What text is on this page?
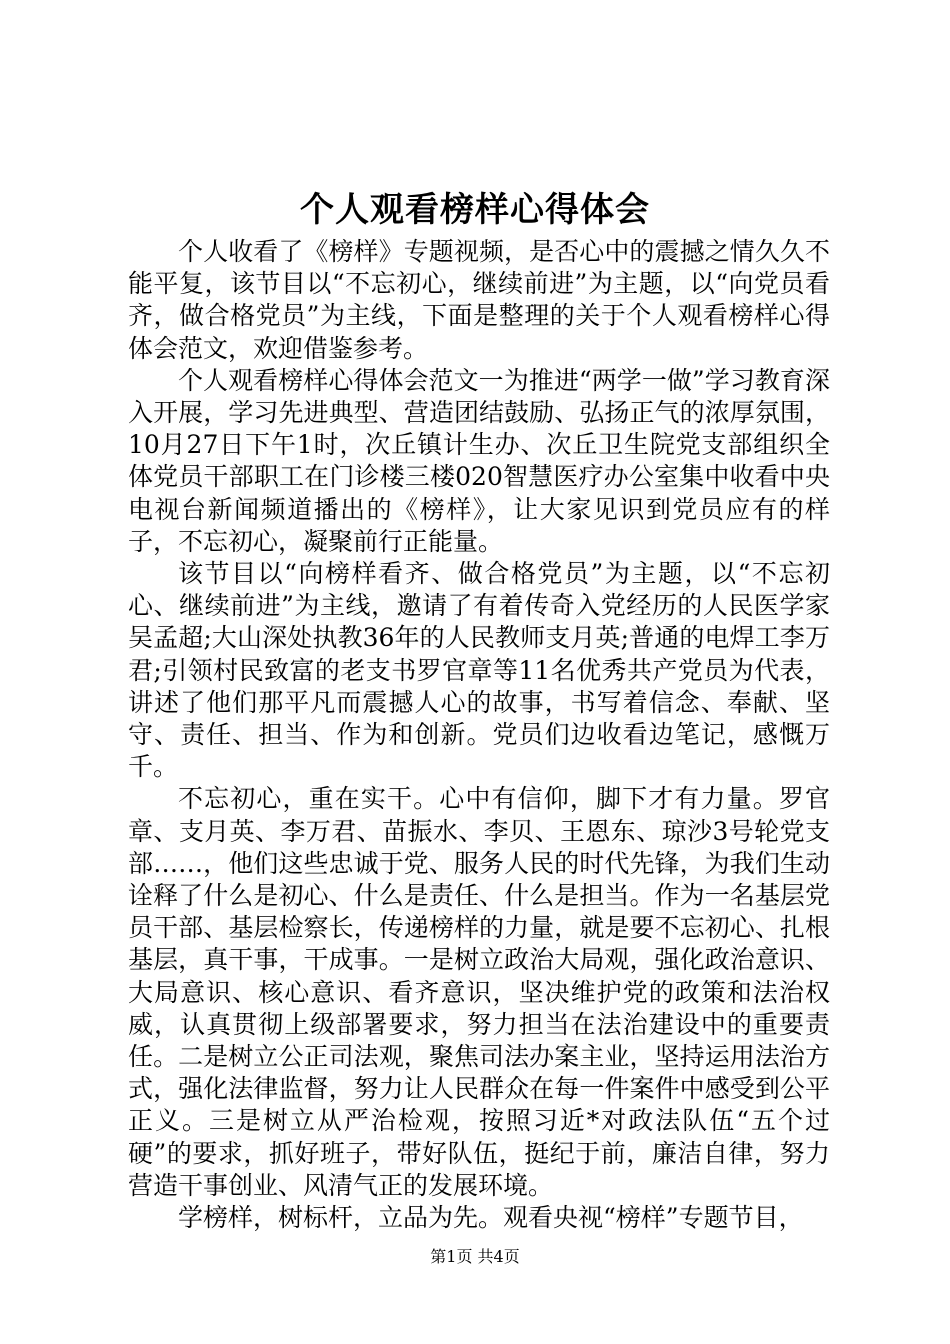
个人观看榜样心得体会

个人收看了《榜样》专题视频，是否心中的震撼之情久久不能平复，该节目以“不忘初心，继续前进”为主题，以“向党员看齐，做合格党员”为主线，下面是整理的关于个人观看榜样心得体会范文，欢迎借鉴参考。

个人观看榜样心得体会范文一为推进“两学一做”学习教育深入开展，学习先进典型、营造团结鼓励、弘扬正气的浓厚氛围，10月27日下午1时，次丘镇计生办、次丘卫生院党支部组织全体党员干部职工在门诊楼三楼020智慧医疗办公室集中收看中央电视台新闻频道播出的《榜样》，让大家见识到党员应有的样子，不忘初心，凝聚前行正能量。

该节目以“向榜样看齐、做合格党员”为主题，以“不忘初心、继续前进”为主线，邀请了有着传奇入党经历的人民医学家吴孟超;大山深处执教36年的人民教师支月英;普通的电焊工李万君;引领村民致富的老支书罗官章等11名优秀共产党员为代表，讲述了他们那平凡而震撼人心的故事，书写着信念、奉献、坚守、责任、担当、作为和创新。党员们边收看边笔记，感慨万千。

不忘初心，重在实干。心中有信仰，脚下才有力量。罗官章、支月英、李万君、苗振水、李贝、王恩东、琼沙3号轮党支部……，他们这些忠诚于党、服务人民的时代先锋，为我们生动诠释了什么是初心、什么是责任、什么是担当。作为一名基层党员干部、基层检察长，传递榜样的力量，就是要不忘初心、扎根基层，真干事，干成事。一是树立政治大局观，强化政治意识、大局意识、核心意识、看齐意识，坚决维护党的政策和法治权威，认真贯彻上级部署要求，努力担当在法治建设中的重要责任。二是树立公正司法观，聚焦司法办案主业，坚持运用法治方式，强化法律监督，努力让人民群众在每一件案件中感受到公平正义。三是树立从严治检观，按照习近*对政法队伍“五个过硬”的要求，抓好班子，带好队伍，挺纪于前，廉洁自律，努力营造干事创业、风清气正的发展环境。

学榜样，树标杆，立品为先。观看央视“榜样”专题节目，

第1页 共4页
